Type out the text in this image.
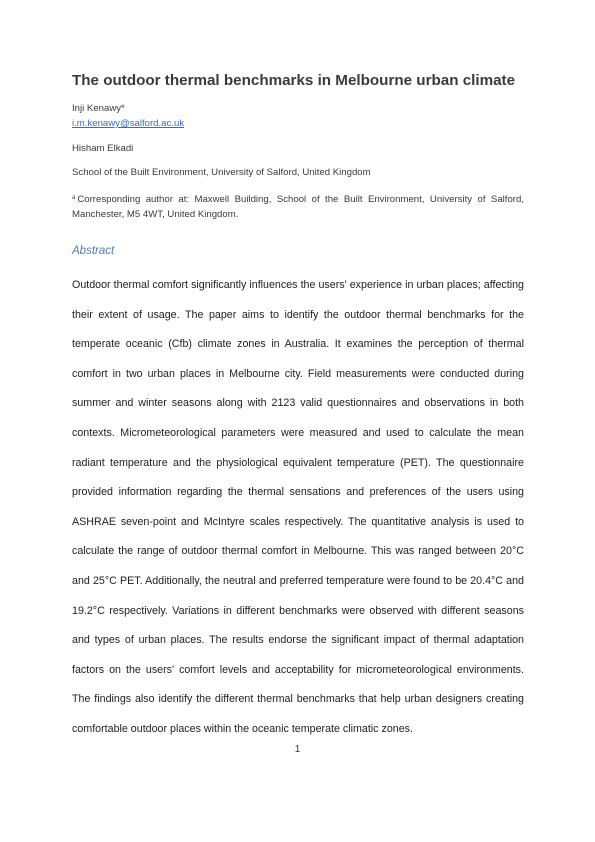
The outdoor thermal benchmarks in Melbourne urban climate
Inji Kenawy*
i.m.kenawy@salford.ac.uk
Hisham Elkadi
School of the Built Environment, University of Salford, United Kingdom
$^a$ Corresponding author at: Maxwell Building, School of the Built Environment, University of Salford, Manchester, M5 4WT, United Kingdom.
Abstract
Outdoor thermal comfort significantly influences the users' experience in urban places; affecting their extent of usage. The paper aims to identify the outdoor thermal benchmarks for the temperate oceanic (Cfb) climate zones in Australia. It examines the perception of thermal comfort in two urban places in Melbourne city. Field measurements were conducted during summer and winter seasons along with 2123 valid questionnaires and observations in both contexts. Micrometeorological parameters were measured and used to calculate the mean radiant temperature and the physiological equivalent temperature (PET). The questionnaire provided information regarding the thermal sensations and preferences of the users using ASHRAE seven-point and McIntyre scales respectively. The quantitative analysis is used to calculate the range of outdoor thermal comfort in Melbourne. This was ranged between 20°C and 25°C PET. Additionally, the neutral and preferred temperature were found to be 20.4°C and 19.2°C respectively. Variations in different benchmarks were observed with different seasons and types of urban places. The results endorse the significant impact of thermal adaptation factors on the users' comfort levels and acceptability for micrometeorological environments. The findings also identify the different thermal benchmarks that help urban designers creating comfortable outdoor places within the oceanic temperate climatic zones.
1
